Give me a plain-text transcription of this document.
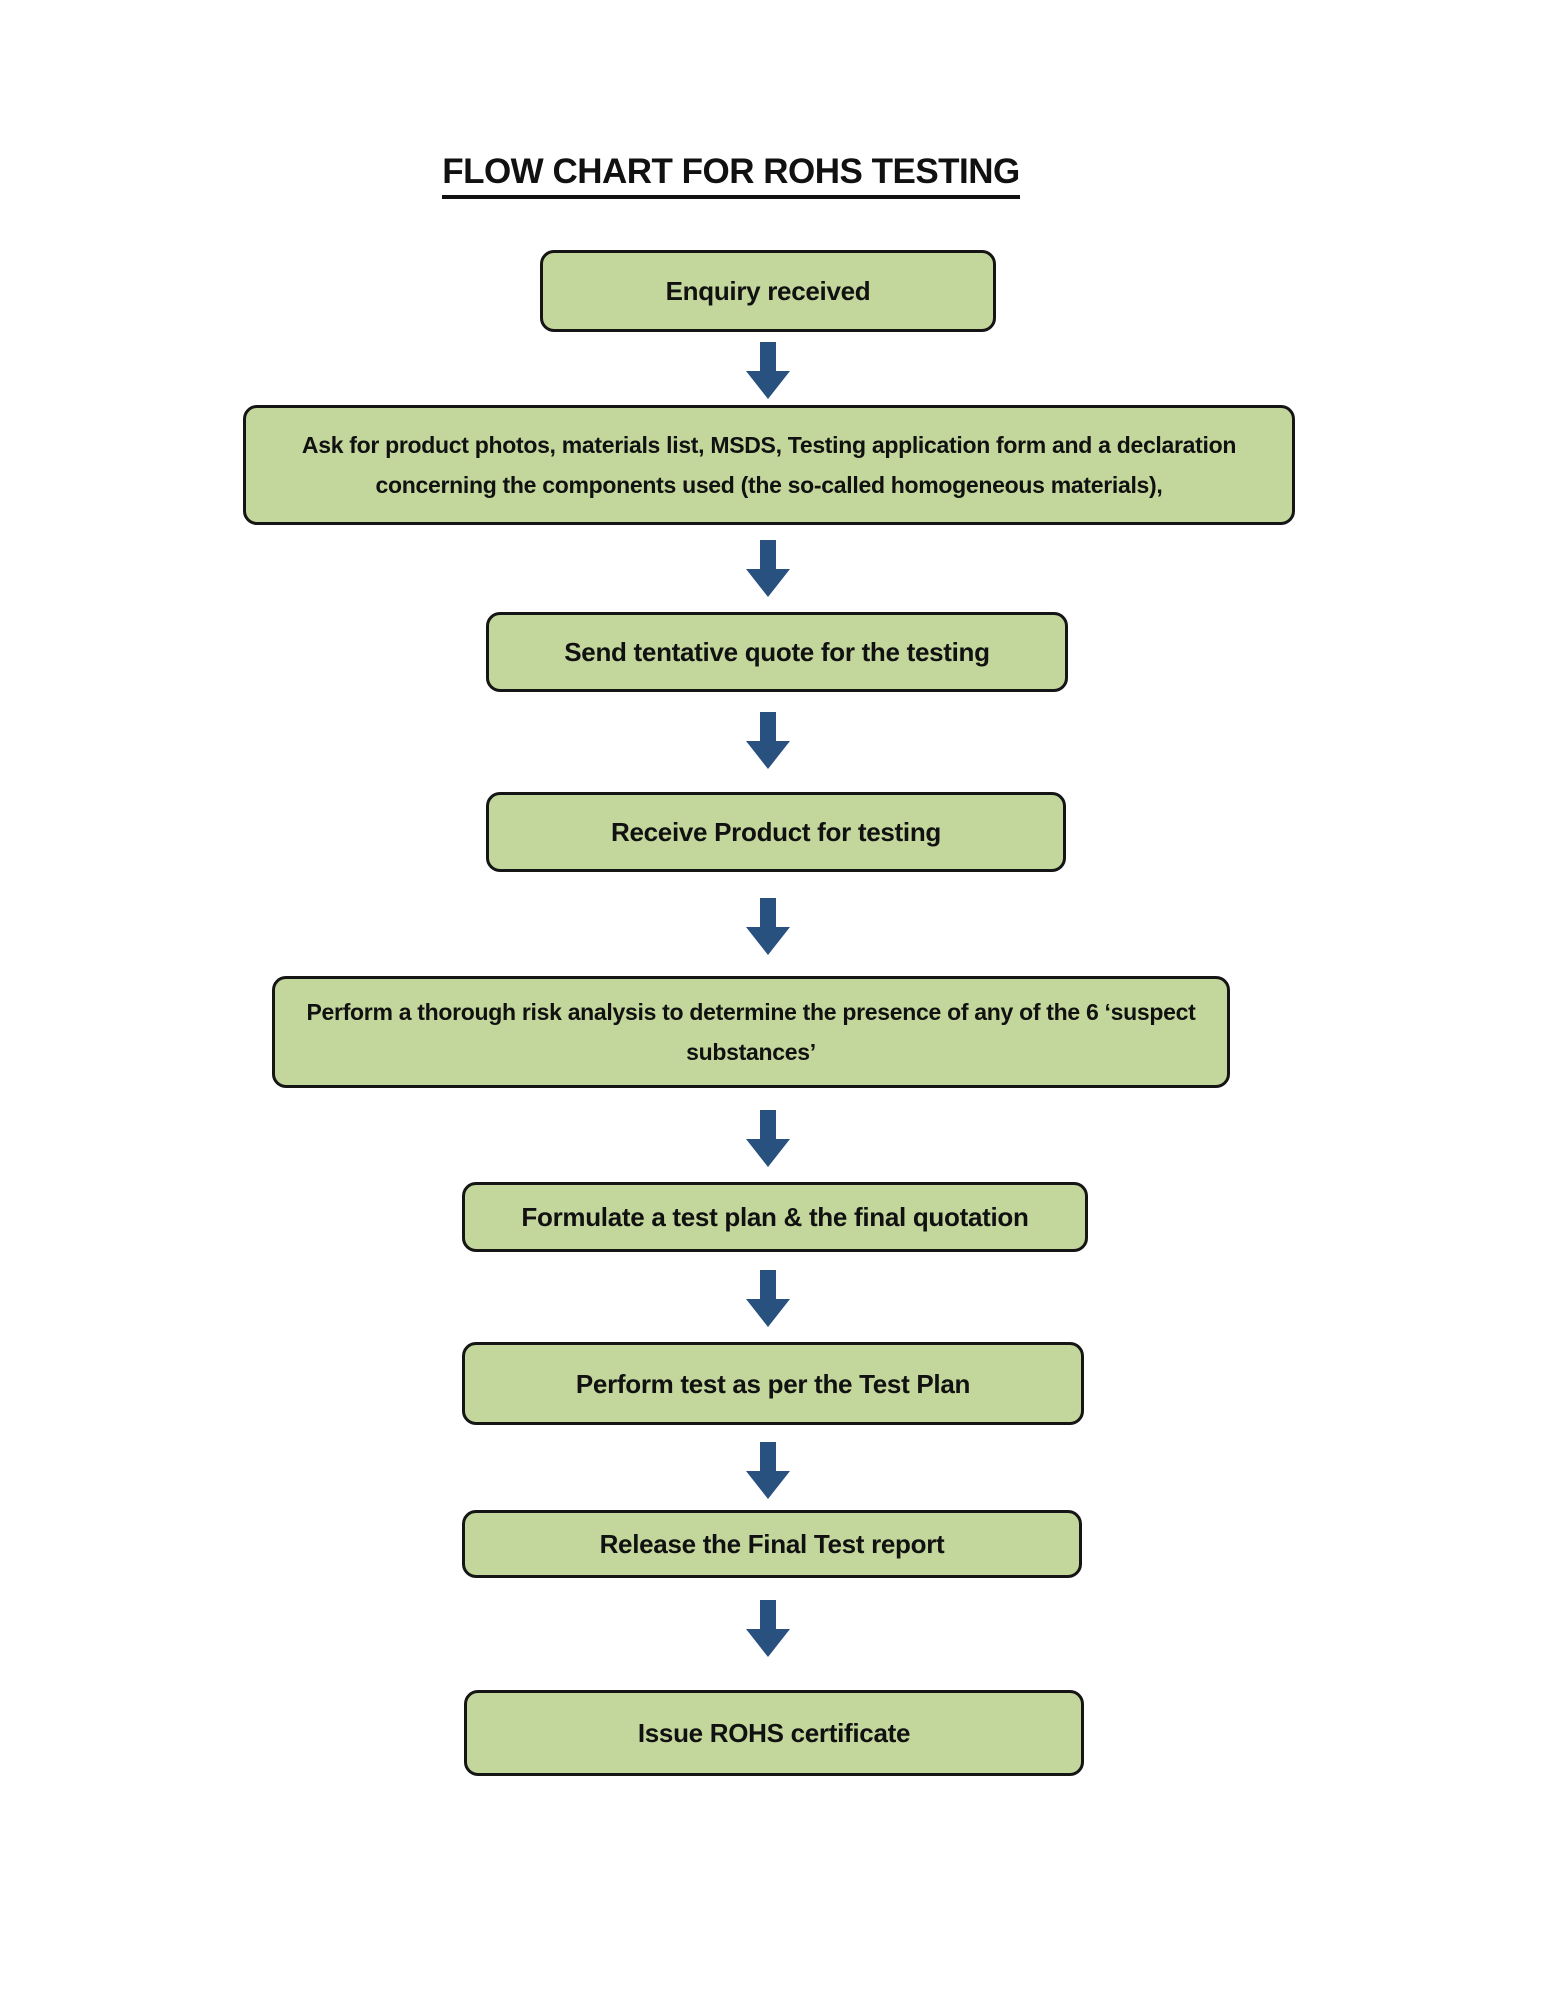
FLOW CHART FOR ROHS TESTING
Enquiry received
Ask for product photos, materials list, MSDS, Testing application form and a declaration concerning the components used (the so-called homogeneous materials),
Send tentative quote for the testing
Receive Product for testing
Perform a thorough risk analysis to determine the presence of any of the 6 ‘suspect substances’
Formulate a test plan & the final quotation
Perform test as per the Test Plan
Release the Final Test report
Issue ROHS certificate
